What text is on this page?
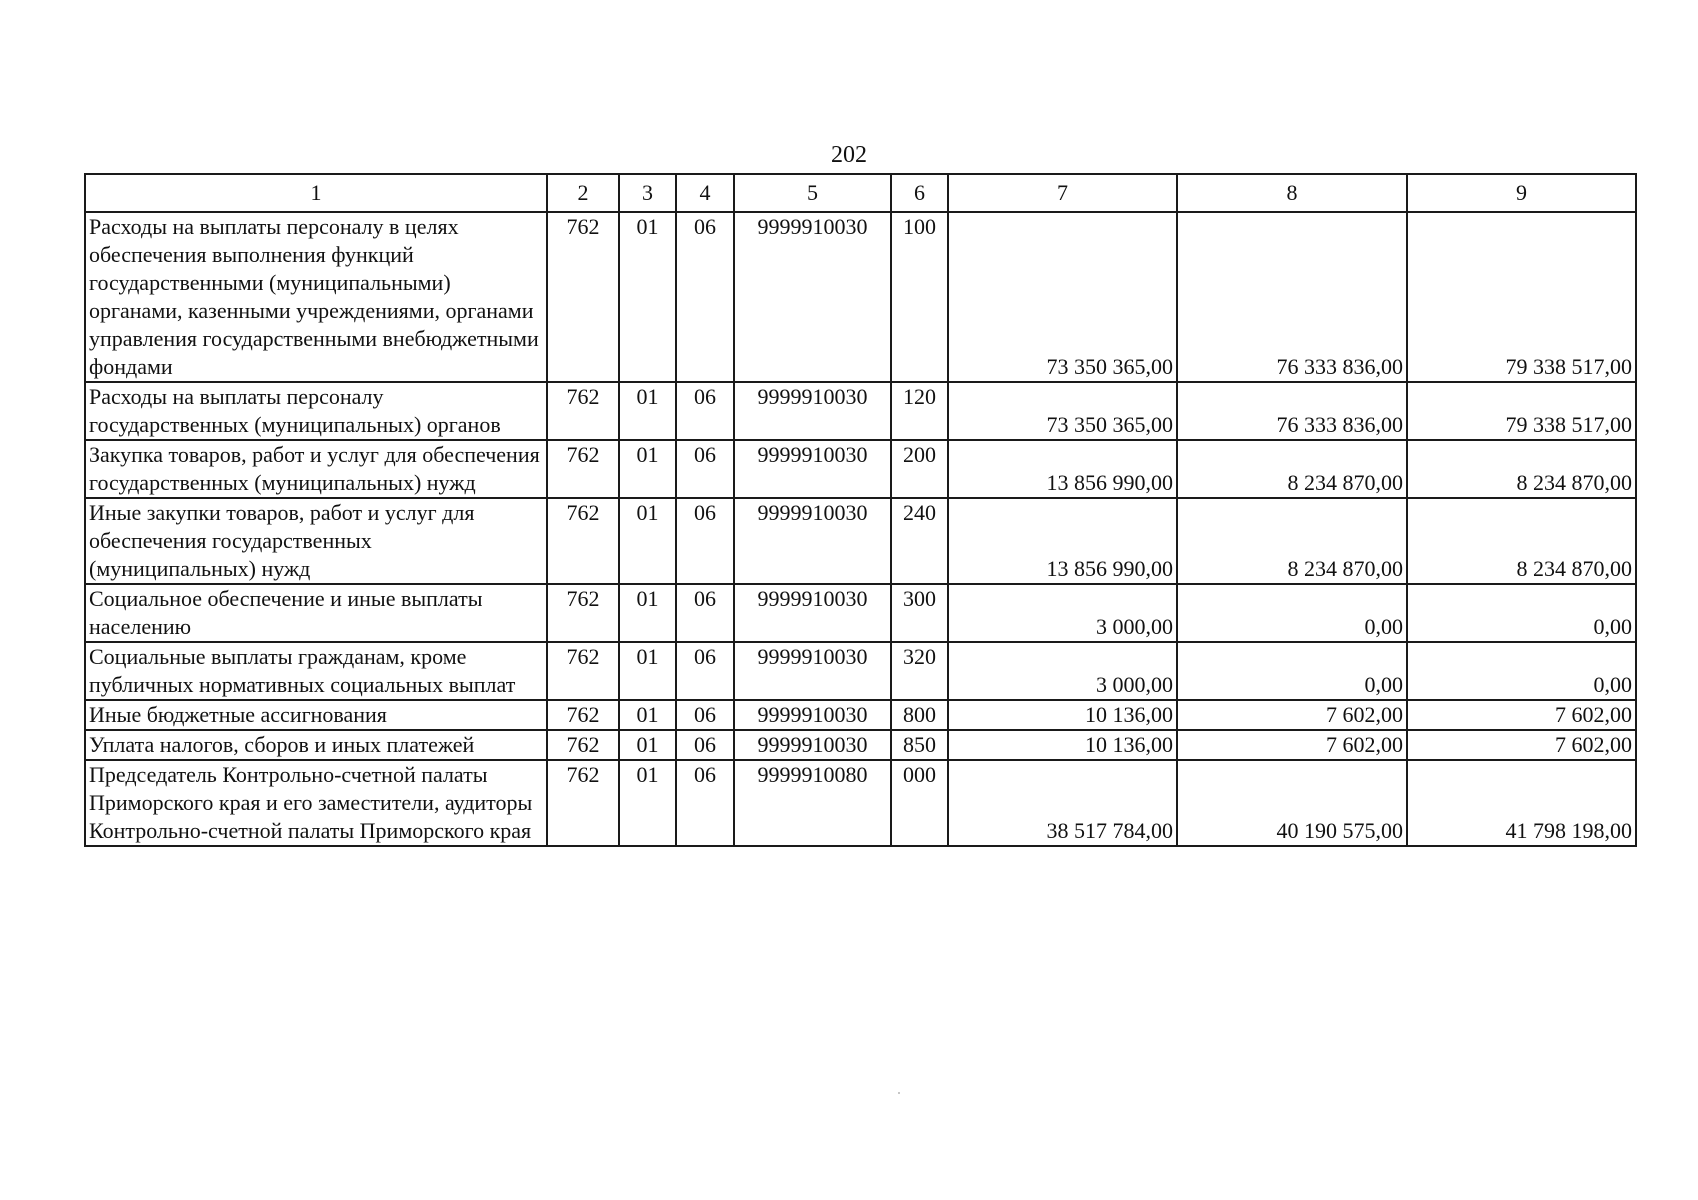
202
1	2	3	4	5	6	7	8	9
Расходы на выплаты персоналу в целях обеспечения выполнения функций государственными (муниципальными) органами, казенными учреждениями, органами управления государственными внебюджетными фондами	762	01	06	9999910030	100	73 350 365,00	76 333 836,00	79 338 517,00
Расходы на выплаты персоналу государственных (муниципальных) органов	762	01	06	9999910030	120	73 350 365,00	76 333 836,00	79 338 517,00
Закупка товаров, работ и услуг для обеспечения государственных (муниципальных) нужд	762	01	06	9999910030	200	13 856 990,00	8 234 870,00	8 234 870,00
Иные закупки товаров, работ и услуг для обеспечения государственных (муниципальных) нужд	762	01	06	9999910030	240	13 856 990,00	8 234 870,00	8 234 870,00
Социальное обеспечение и иные выплаты населению	762	01	06	9999910030	300	3 000,00	0,00	0,00
Социальные выплаты гражданам, кроме публичных нормативных социальных выплат	762	01	06	9999910030	320	3 000,00	0,00	0,00
Иные бюджетные ассигнования	762	01	06	9999910030	800	10 136,00	7 602,00	7 602,00
Уплата налогов, сборов и иных платежей	762	01	06	9999910030	850	10 136,00	7 602,00	7 602,00
Председатель Контрольно-счетной палаты Приморского края и его заместители, аудиторы Контрольно-счетной палаты Приморского края	762	01	06	9999910080	000	38 517 784,00	40 190 575,00	41 798 198,00
